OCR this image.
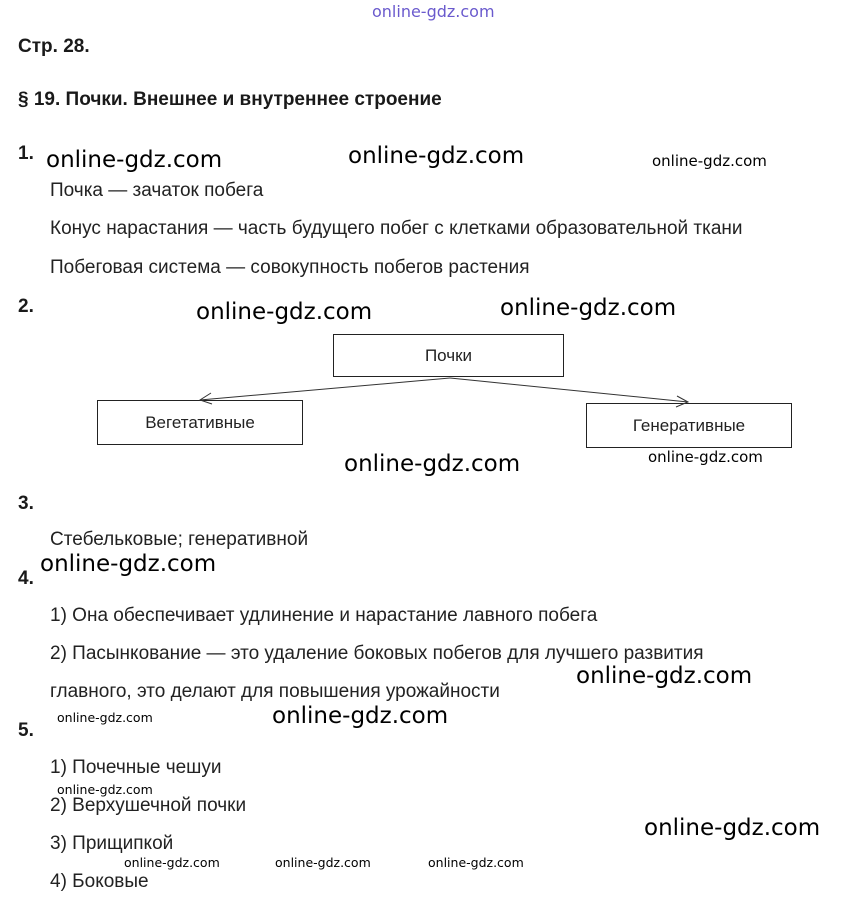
online-gdz.com
Стр. 28.
§ 19. Почки. Внешнее и внутреннее строение
1.
Почка — зачаток побега
Конус нарастания — часть будущего побег с клетками образовательной ткани
Побеговая система — совокупность побегов растения
2.
Почки
Вегетативные	Генеративные
3.
Стебельковые; генеративной
4.
1) Она обеспечивает удлинение и нарастание лавного побега
2) Пасынкование — это удаление боковых побегов для лучшего развития
главного, это делают для повышения урожайности
5.
1) Почечные чешуи
2) Верхушечной почки
3) Прищипкой
4) Боковые
online-gdz.com	online-gdz.com	online-gdz.com
online-gdz.com	online-gdz.com
online-gdz.com	online-gdz.com
online-gdz.com
online-gdz.com
online-gdz.com	online-gdz.com
online-gdz.com
online-gdz.com
online-gdz.com	online-gdz.com	online-gdz.com
